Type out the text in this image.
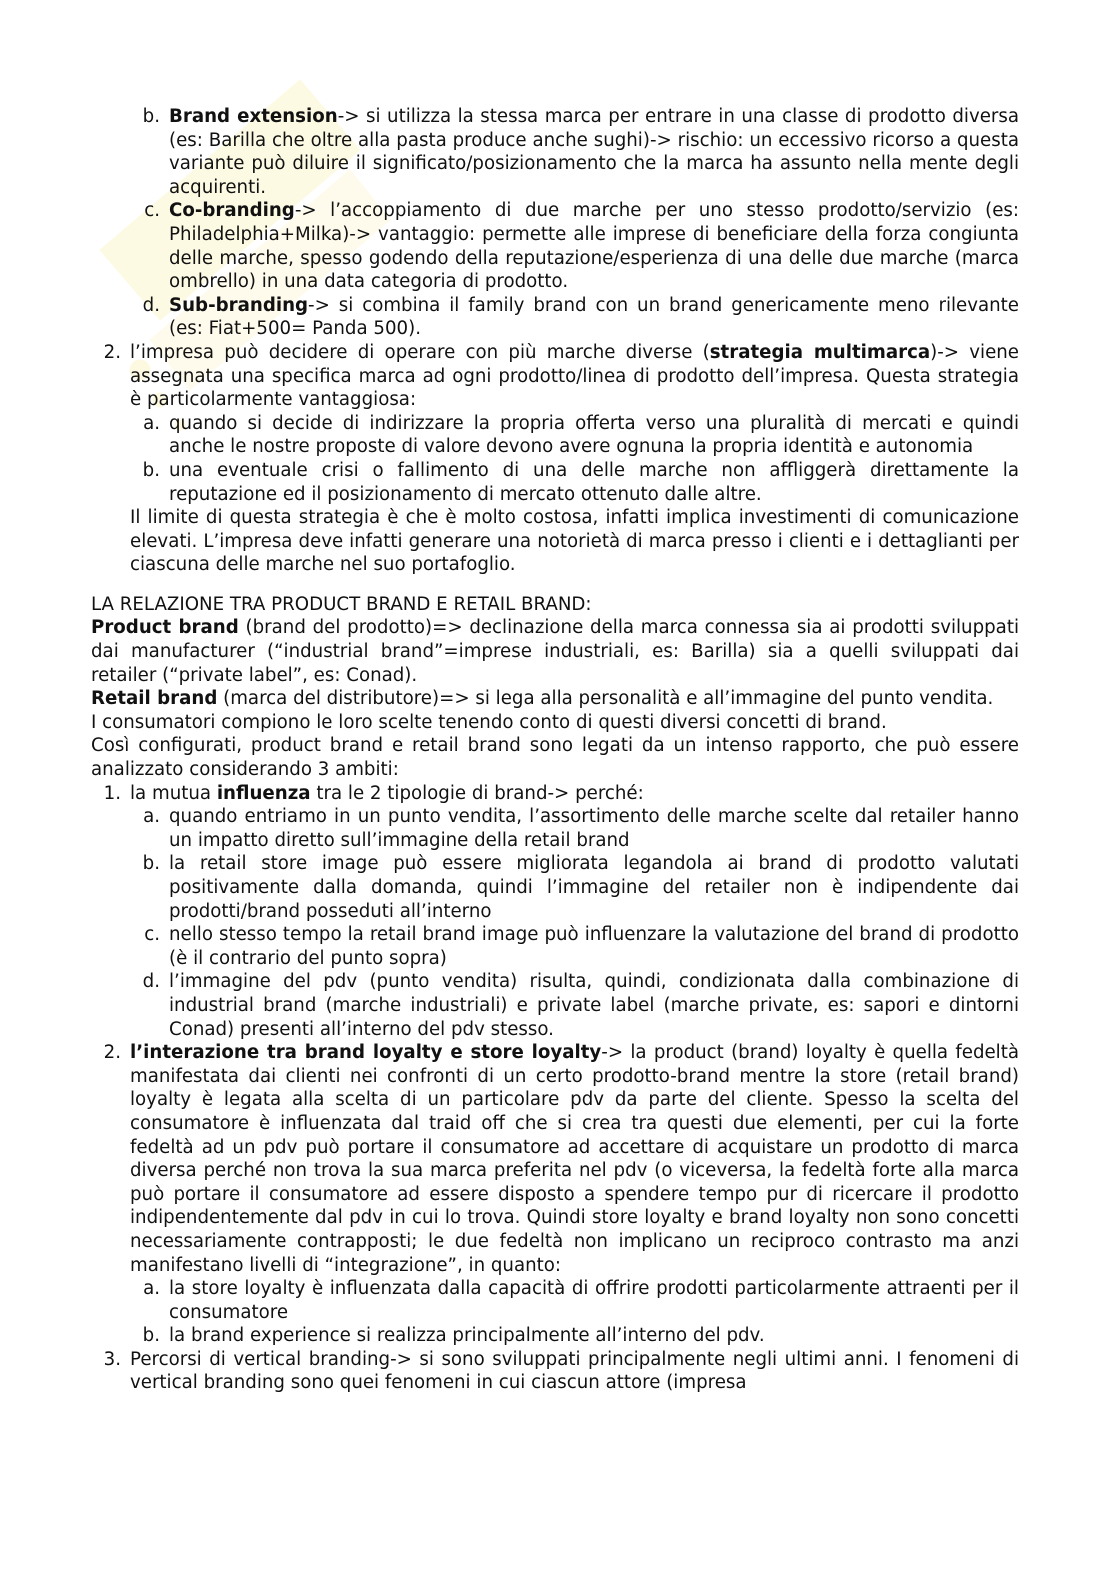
b. Brand extension-> si utilizza la stessa marca per entrare in una classe di prodotto diversa (es: Barilla che oltre alla pasta produce anche sughi)-> rischio: un eccessivo ricorso a questa variante può diluire il significato/posizionamento che la marca ha assunto nella mente degli acquirenti.
c. Co-branding-> l’accoppiamento di due marche per uno stesso prodotto/servizio (es: Philadelphia+Milka)-> vantaggio: permette alle imprese di beneficiare della forza congiunta delle marche, spesso godendo della reputazione/esperienza di una delle due marche (marca ombrello) in una data categoria di prodotto.
d. Sub-branding-> si combina il family brand con un brand genericamente meno rilevante (es: Fiat+500= Panda 500).
2. l’impresa può decidere di operare con più marche diverse (strategia multimarca)-> viene assegnata una specifica marca ad ogni prodotto/linea di prodotto dell’impresa. Questa strategia è particolarmente vantaggiosa:
a. quando si decide di indirizzare la propria offerta verso una pluralità di mercati e quindi anche le nostre proposte di valore devono avere ognuna la propria identità e autonomia
b. una eventuale crisi o fallimento di una delle marche non affliggerà direttamente la reputazione ed il posizionamento di mercato ottenuto dalle altre.

Il limite di questa strategia è che è molto costosa, infatti implica investimenti di comunicazione elevati. L’impresa deve infatti generare una notorietà di marca presso i clienti e i dettaglianti per ciascuna delle marche nel suo portafoglio.

LA RELAZIONE TRA PRODUCT BRAND E RETAIL BRAND:

Product brand (brand del prodotto)=> declinazione della marca connessa sia ai prodotti sviluppati dai manufacturer (“industrial brand”=imprese industriali, es: Barilla) sia a quelli sviluppati dai retailer (“private label”, es: Conad).

Retail brand (marca del distributore)=> si lega alla personalità e all’immagine del punto vendita.

I consumatori compiono le loro scelte tenendo conto di questi diversi concetti di brand.

Così configurati, product brand e retail brand sono legati da un intenso rapporto, che può essere analizzato considerando 3 ambiti:

1. la mutua influenza tra le 2 tipologie di brand-> perché:
a. quando entriamo in un punto vendita, l’assortimento delle marche scelte dal retailer hanno un impatto diretto sull’immagine della retail brand
b. la retail store image può essere migliorata legandola ai brand di prodotto valutati positivamente dalla domanda, quindi l’immagine del retailer non è indipendente dai prodotti/brand posseduti all’interno
c. nello stesso tempo la retail brand image può influenzare la valutazione del brand di prodotto (è il contrario del punto sopra)
d. l’immagine del pdv (punto vendita) risulta, quindi, condizionata dalla combinazione di industrial brand (marche industriali) e private label (marche private, es: sapori e dintorni Conad) presenti all’interno del pdv stesso.
2. l’interazione tra brand loyalty e store loyalty-> la product (brand) loyalty è quella fedeltà manifestata dai clienti nei confronti di un certo prodotto-brand mentre la store (retail brand) loyalty è legata alla scelta di un particolare pdv da parte del cliente. Spesso la scelta del consumatore è influenzata dal traid off che si crea tra questi due elementi, per cui la forte fedeltà ad un pdv può portare il consumatore ad accettare di acquistare un prodotto di marca diversa perché non trova la sua marca preferita nel pdv (o viceversa, la fedeltà forte alla marca può portare il consumatore ad essere disposto a spendere tempo pur di ricercare il prodotto indipendentemente dal pdv in cui lo trova. Quindi store loyalty e brand loyalty non sono concetti necessariamente contrapposti; le due fedeltà non implicano un reciproco contrasto ma anzi manifestano livelli di “integrazione”, in quanto:
a. la store loyalty è influenzata dalla capacità di offrire prodotti particolarmente attraenti per il consumatore
b. la brand experience si realizza principalmente all’interno del pdv.
3. Percorsi di vertical branding-> si sono sviluppati principalmente negli ultimi anni. I fenomeni di vertical branding sono quei fenomeni in cui ciascun attore (impresa
